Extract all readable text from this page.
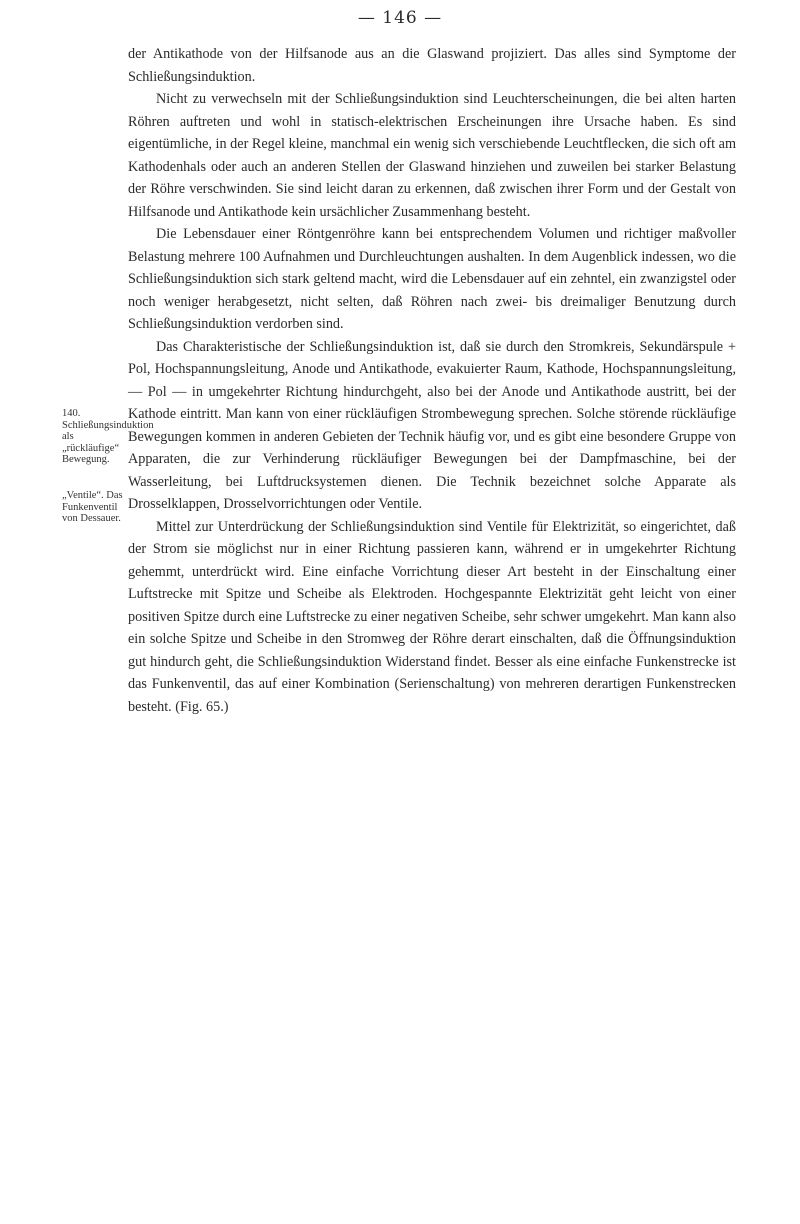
— 146 —

der Antikathode von der Hilfsanode aus an die Glaswand projiziert. Das alles sind Symptome der Schließungsinduktion.

Nicht zu verwechseln mit der Schließungsinduktion sind Leuchterscheinungen, die bei alten harten Röhren auftreten und wohl in statisch-elektrischen Erscheinungen ihre Ursache haben. Es sind eigentümliche, in der Regel kleine, manchmal ein wenig sich verschiebende Leuchtflecken, die sich oft am Kathodenhals oder auch an anderen Stellen der Glaswand hinziehen und zuweilen bei starker Belastung der Röhre verschwinden. Sie sind leicht daran zu erkennen, daß zwischen ihrer Form und der Gestalt von Hilfsanode und Antikathode kein ursächlicher Zusammenhang besteht.

Die Lebensdauer einer Röntgenröhre kann bei entsprechendem Volumen und richtiger maßvoller Belastung mehrere 100 Aufnahmen und Durchleuchtungen aushalten. In dem Augenblick indessen, wo die Schließungsinduktion sich stark geltend macht, wird die Lebensdauer auf ein zehntel, ein zwanzigstel oder noch weniger herabgesetzt, nicht selten, daß Röhren nach zwei- bis dreimaliger Benutzung durch Schließungsinduktion verdorben sind.

Das Charakteristische der Schließungsinduktion ist, daß sie durch den Stromkreis, Sekundärspule + Pol, Hochspannungsleitung, Anode und Antikathode, evakuierter Raum, Kathode, Hochspannungsleitung, — Pol — in umgekehrter Richtung hindurchgeht, also bei der Anode und Antikathode austritt, bei der Kathode eintritt. Man kann von einer rückläufigen Strombewegung sprechen. Solche störende rückläufige Bewegungen kommen in anderen Gebieten der Technik häufig vor, und es gibt eine besondere Gruppe von Apparaten, die zur Verhinderung rückläufiger Bewegungen bei der Dampfmaschine, bei der Wasserleitung, bei Luftdrucksystemen dienen. Die Technik bezeichnet solche Apparate als Drosselklappen, Drosselvorrichtungen oder Ventile.

Mittel zur Unterdrückung der Schließungsinduktion sind Ventile für Elektrizität, so eingerichtet, daß der Strom sie möglichst nur in einer Richtung passieren kann, während er in umgekehrter Richtung gehemmt, unterdrückt wird. Eine einfache Vorrichtung dieser Art besteht in der Einschaltung einer Luftstrecke mit Spitze und Scheibe als Elektroden. Hochgespannte Elektrizität geht leicht von einer positiven Spitze durch eine Luftstrecke zu einer negativen Scheibe, sehr schwer umgekehrt. Man kann also ein solche Spitze und Scheibe in den Stromweg der Röhre derart einschalten, daß die Öffnungsinduktion gut hindurch geht, die Schließungsinduktion Widerstand findet. Besser als eine einfache Funkenstrecke ist das Funkenventil, das auf einer Kombination (Serienschaltung) von mehreren derartigen Funkenstrecken besteht. (Fig. 65.)

140. Schließungsinduktion als „rückläufige“ Bewegung.
„Ventile“. Das Funkenventil von Dessauer.
